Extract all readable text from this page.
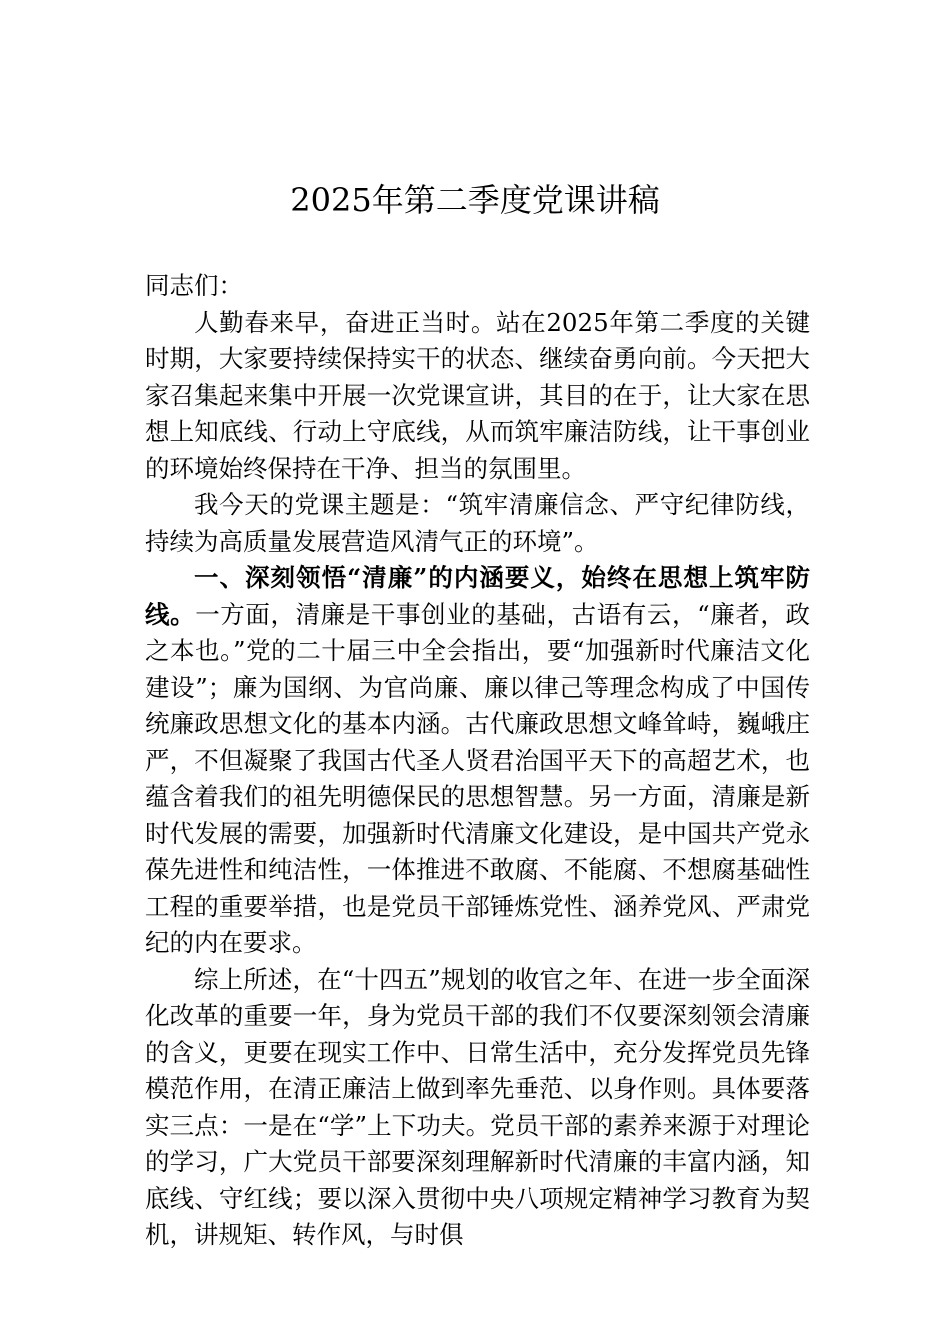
2025年第二季度党课讲稿

同志们：

人勤春来早，奋进正当时。站在2025年第二季度的关键时期，大家要持续保持实干的状态、继续奋勇向前。今天把大家召集起来集中开展一次党课宣讲，其目的在于，让大家在思想上知底线、行动上守底线，从而筑牢廉洁防线，让干事创业的环境始终保持在干净、担当的氛围里。

我今天的党课主题是：“筑牢清廉信念、严守纪律防线，持续为高质量发展营造风清气正的环境”。

一、深刻领悟“清廉”的内涵要义，始终在思想上筑牢防线。一方面，清廉是干事创业的基础，古语有云，“廉者，政之本也。”党的二十届三中全会指出，要“加强新时代廉洁文化建设”；廉为国纲、为官尚廉、廉以律己等理念构成了中国传统廉政思想文化的基本内涵。古代廉政思想文峰耸峙，巍峨庄严，不但凝聚了我国古代圣人贤君治国平天下的高超艺术，也蕴含着我们的祖先明德保民的思想智慧。另一方面，清廉是新时代发展的需要，加强新时代清廉文化建设，是中国共产党永葆先进性和纯洁性，一体推进不敢腐、不能腐、不想腐基础性工程的重要举措，也是党员干部锤炼党性、涵养党风、严肃党纪的内在要求。

综上所述，在“十四五”规划的收官之年、在进一步全面深化改革的重要一年，身为党员干部的我们不仅要深刻领会清廉的含义，更要在现实工作中、日常生活中，充分发挥党员先锋模范作用，在清正廉洁上做到率先垂范、以身作则。具体要落实三点：一是在“学”上下功夫。党员干部的素养来源于对理论的学习，广大党员干部要深刻理解新时代清廉的丰富内涵，知底线、守红线；要以深入贯彻中央八项规定精神学习教育为契机，讲规矩、转作风，与时俱
